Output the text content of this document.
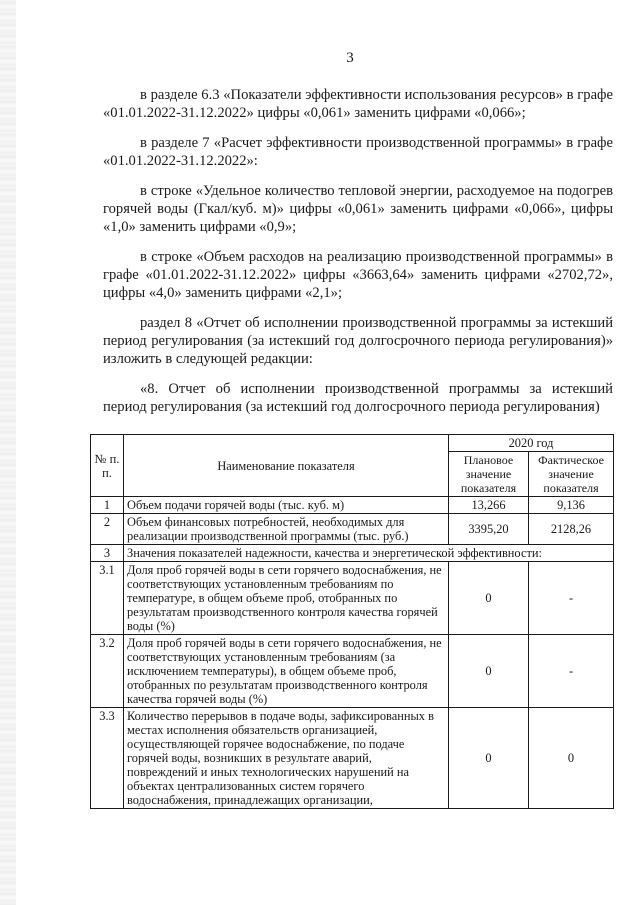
3

в разделе 6.3 «Показатели эффективности использования ресурсов» в графе «01.01.2022-31.12.2022» цифры «0,061» заменить цифрами «0,066»;

в разделе 7 «Расчет эффективности производственной программы» в графе «01.01.2022-31.12.2022»:

в строке «Удельное количество тепловой энергии, расходуемое на подогрев горячей воды (Гкал/куб. м)» цифры «0,061» заменить цифрами «0,066», цифры «1,0» заменить цифрами «0,9»;

в строке «Объем расходов на реализацию производственной программы» в графе «01.01.2022-31.12.2022» цифры «3663,64» заменить цифрами «2702,72», цифры «4,0» заменить цифрами «2,1»;

раздел 8 «Отчет об исполнении производственной программы за истекший период регулирования (за истекший год долгосрочного периода регулирования)» изложить в следующей редакции:

«8. Отчет об исполнении производственной программы за истекший период регулирования (за истекший год долгосрочного периода регулирования)

№ п. п.	Наименование показателя	2020 год	
		Плановое значение показателя	Фактическое значение показателя
1	Объем подачи горячей воды (тыс. куб. м)	13,266	9,136
2	Объем финансовых потребностей, необходимых для реализации производственной программы (тыс. руб.)	3395,20	2128,26
3	Значения показателей надежности, качества и энергетической эффективности:		
3.1	Доля проб горячей воды в сети горячего водоснабжения, не соответствующих установленным требованиям по температуре, в общем объеме проб, отобранных по результатам производственного контроля качества горячей воды (%)	0	-
3.2	Доля проб горячей воды в сети горячего водоснабжения, не соответствующих установленным требованиям (за исключением температуры), в общем объеме проб, отобранных по результатам производственного контроля качества горячей воды (%)	0	-
3.3	Количество перерывов в подаче воды, зафиксированных в местах исполнения обязательств организацией, осуществляющей горячее водоснабжение, по подаче горячей воды, возникших в результате аварий, повреждений и иных технологических нарушений на объектах централизованных систем горячего водоснабжения, принадлежащих организации,	0	0
